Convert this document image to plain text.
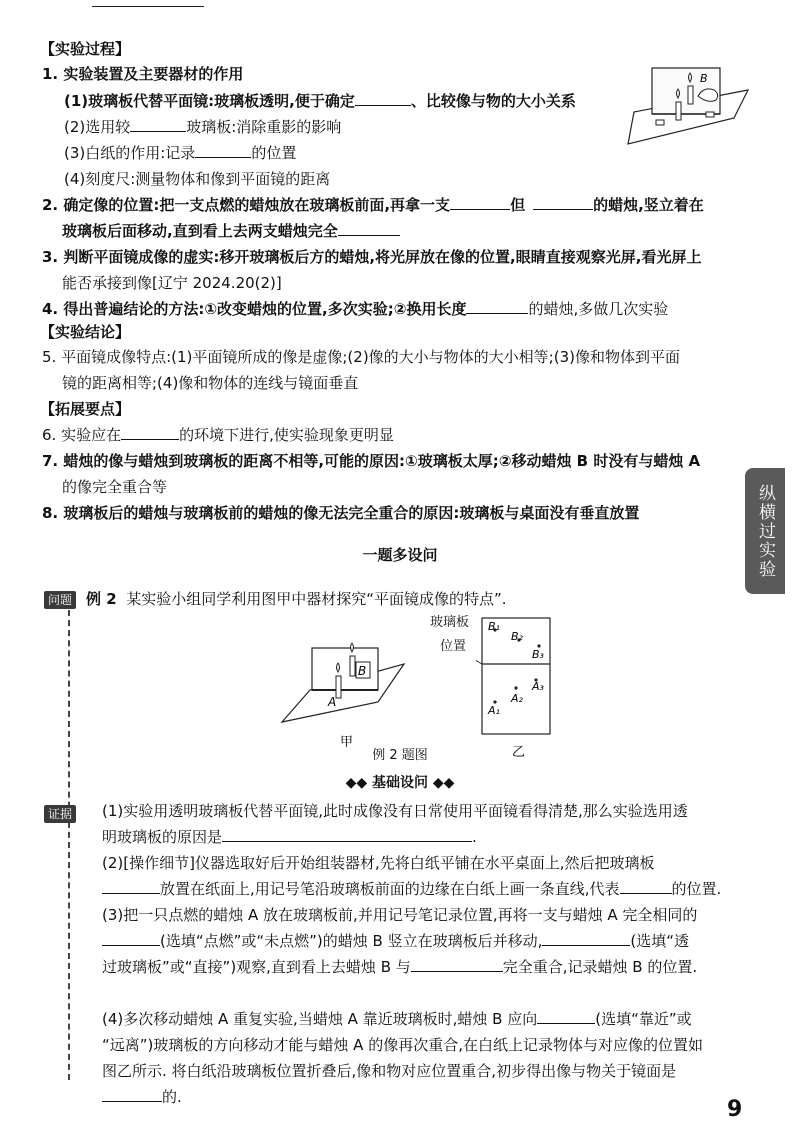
【实验过程】
1. 实验装置及主要器材的作用
(1)玻璃板代替平面镜:玻璃板透明,便于确定	、比较像与物的大小关系
(2)选用较	玻璃板:消除重影的影响
(3)白纸的作用:记录	的位置
(4)刻度尺:测量物体和像到平面镜的距离
B
2. 确定像的位置:把一支点燃的蜡烛放在玻璃板前面,再拿一支	但	的蜡烛,竖立着在
玻璃板后面移动,直到看上去两支蜡烛完全
3. 判断平面镜成像的虚实:移开玻璃板后方的蜡烛,将光屏放在像的位置,眼睛直接观察光屏,看光屏上
能否承接到像[辽宁 2024.20(2)]
4. 得出普遍结论的方法:①改变蜡烛的位置,多次实验;②换用长度	的蜡烛,多做几次实验
【实验结论】
5. 平面镜成像特点:(1)平面镜所成的像是虚像;(2)像的大小与物体的大小相等;(3)像和物体到平面
镜的距离相等;(4)像和物体的连线与镜面垂直
【拓展要点】
6. 实验应在	的环境下进行,使实验现象更明显
7. 蜡烛的像与蜡烛到玻璃板的距离不相等,可能的原因:①玻璃板太厚;②移动蜡烛 B 时没有与蜡烛 A
的像完全重合等
8. 玻璃板后的蜡烛与玻璃板前的蜡烛的像无法完全重合的原因:玻璃板与桌面没有垂直放置	纵横过实验
一题多设问
问题 例 2 某实验小组同学利用图甲中器材探究“平面镜成像的特点”.
A
B
甲
玻璃板
位置
B₁
B₂
B₃
A₁
A₂
A₃
乙
例 2 题图
◆◆ 基础设问 ◆◆
证据 (1)实验用透明玻璃板代替平面镜,此时成像没有日常使用平面镜看得清楚,那么实验选用透
明玻璃板的原因是	.
(2)[操作细节]仪器选取好后开始组装器材,先将白纸平铺在水平桌面上,然后把玻璃板
放置在纸面上,用记号笔沿玻璃板前面的边缘在白纸上画一条直线,代表	的位置.
(3)把一只点燃的蜡烛 A 放在玻璃板前,并用记号笔记录位置,再将一支与蜡烛 A 完全相同的
(选填“点燃”或“未点燃”)的蜡烛 B 竖立在玻璃板后并移动,	(选填“透
过玻璃板”或“直接”)观察,直到看上去蜡烛 B 与	完全重合,记录蜡烛 B 的位置.
(4)多次移动蜡烛 A 重复实验,当蜡烛 A 靠近玻璃板时,蜡烛 B 应向	(选填“靠近”或
“远离”)玻璃板的方向移动才能与蜡烛 A 的像再次重合,在白纸上记录物体与对应像的位置如
图乙所示. 将白纸沿玻璃板位置折叠后,像和物对应位置重合,初步得出像与物关于镜面是
的.	9
